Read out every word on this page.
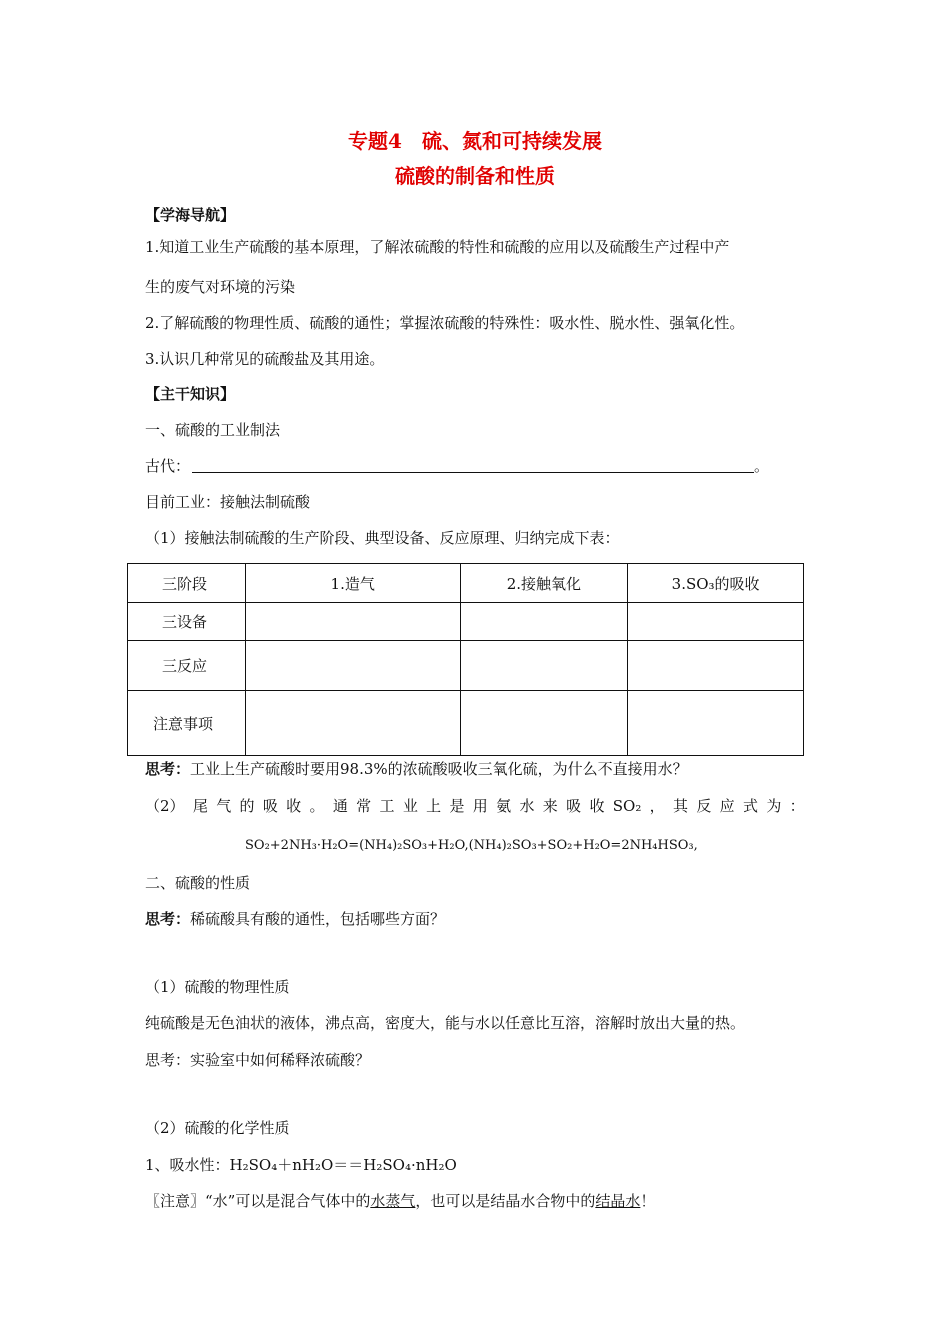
专题4　硫、氮和可持续发展
硫酸的制备和性质
【学海导航】
1.知道工业生产硫酸的基本原理，了解浓硫酸的特性和硫酸的应用以及硫酸生产过程中产
生的废气对环境的污染
2.了解硫酸的物理性质、硫酸的通性；掌握浓硫酸的特殊性：吸水性、脱水性、强氧化性。
3.认识几种常见的硫酸盐及其用途。
【主干知识】
一、硫酸的工业制法
古代：	。
目前工业：接触法制硫酸
（1）接触法制硫酸的生产阶段、典型设备、反应原理、归纳完成下表：
三阶段	1.造气	2.接触氧化	3.SO₃的吸收
三设备			
三反应			
注意事项			
思考：工业上生产硫酸时要用98.3%的浓硫酸吸收三氧化硫，为什么不直接用水？
（2） 尾 气 的 吸 收 。 通 常 工 业 上 是 用 氨 水 来 吸 收 SO₂ ， 其 反 应 式 为 ：
SO₂+2NH₃·H₂O=(NH₄)₂SO₃+H₂O,(NH₄)₂SO₃+SO₂+H₂O=2NH₄HSO₃,
二、硫酸的性质
思考：稀硫酸具有酸的通性，包括哪些方面？
（1）硫酸的物理性质
纯硫酸是无色油状的液体，沸点高，密度大，能与水以任意比互溶，溶解时放出大量的热。
思考：实验室中如何稀释浓硫酸？
（2）硫酸的化学性质
1、吸水性：H₂SO₄＋nH₂O＝＝H₂SO₄·nH₂O
〖注意〗“水”可以是混合气体中的水蒸气，也可以是结晶水合物中的结晶水！
